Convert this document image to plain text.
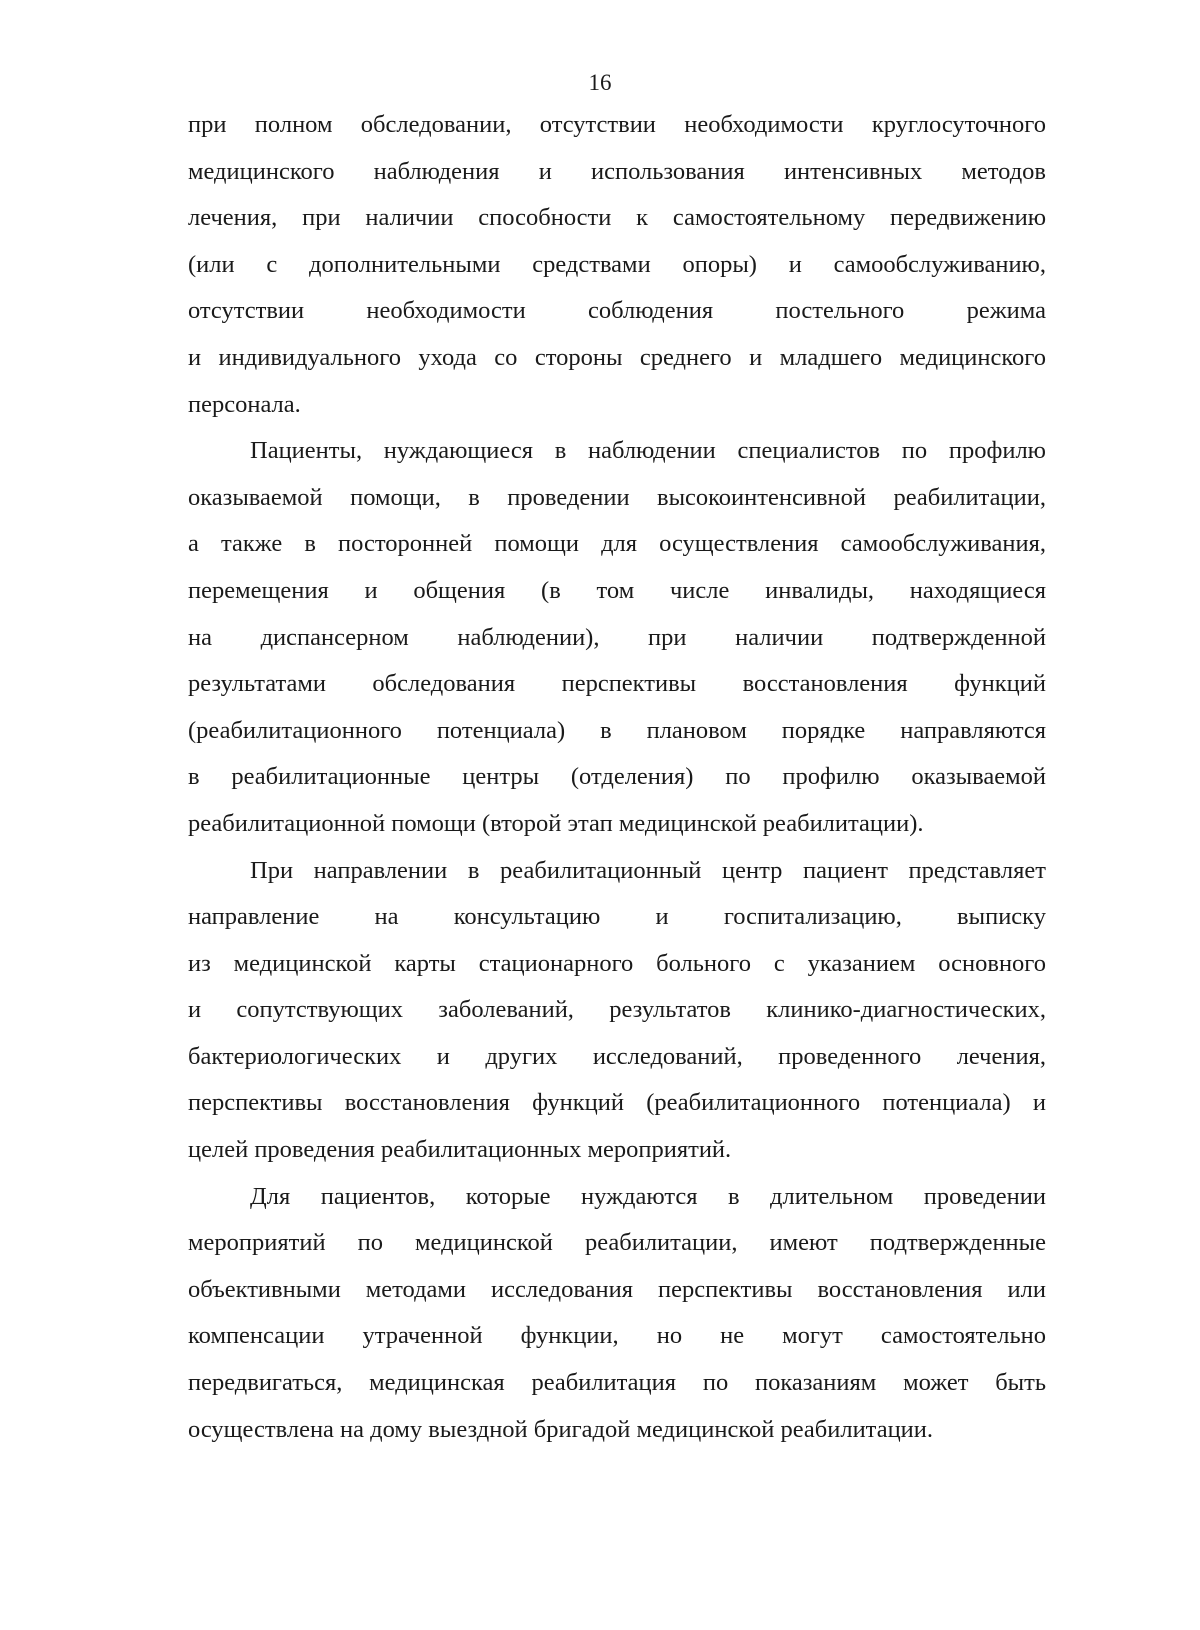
16

при полном обследовании, отсутствии необходимости круглосуточного
медицинского наблюдения и использования интенсивных методов
лечения, при наличии способности к самостоятельному передвижению
(или с дополнительными средствами опоры) и самообслуживанию,
отсутствии необходимости соблюдения постельного режима
и индивидуального ухода со стороны среднего и младшего медицинского
персонала.

Пациенты, нуждающиеся в наблюдении специалистов по профилю
оказываемой помощи, в проведении высокоинтенсивной реабилитации,
а также в посторонней помощи для осуществления самообслуживания,
перемещения и общения (в том числе инвалиды, находящиеся
на диспансерном наблюдении), при наличии подтвержденной
результатами обследования перспективы восстановления функций
(реабилитационного потенциала) в плановом порядке направляются
в реабилитационные центры (отделения) по профилю оказываемой
реабилитационной помощи (второй этап медицинской реабилитации).

При направлении в реабилитационный центр пациент представляет
направление на консультацию и госпитализацию, выписку
из медицинской карты стационарного больного с указанием основного
и сопутствующих заболеваний, результатов клинико-диагностических,
бактериологических и других исследований, проведенного лечения,
перспективы восстановления функций (реабилитационного потенциала) и
целей проведения реабилитационных мероприятий.

Для пациентов, которые нуждаются в длительном проведении
мероприятий по медицинской реабилитации, имеют подтвержденные
объективными методами исследования перспективы восстановления или
компенсации утраченной функции, но не могут самостоятельно
передвигаться, медицинская реабилитация по показаниям может быть
осуществлена на дому выездной бригадой медицинской реабилитации.
